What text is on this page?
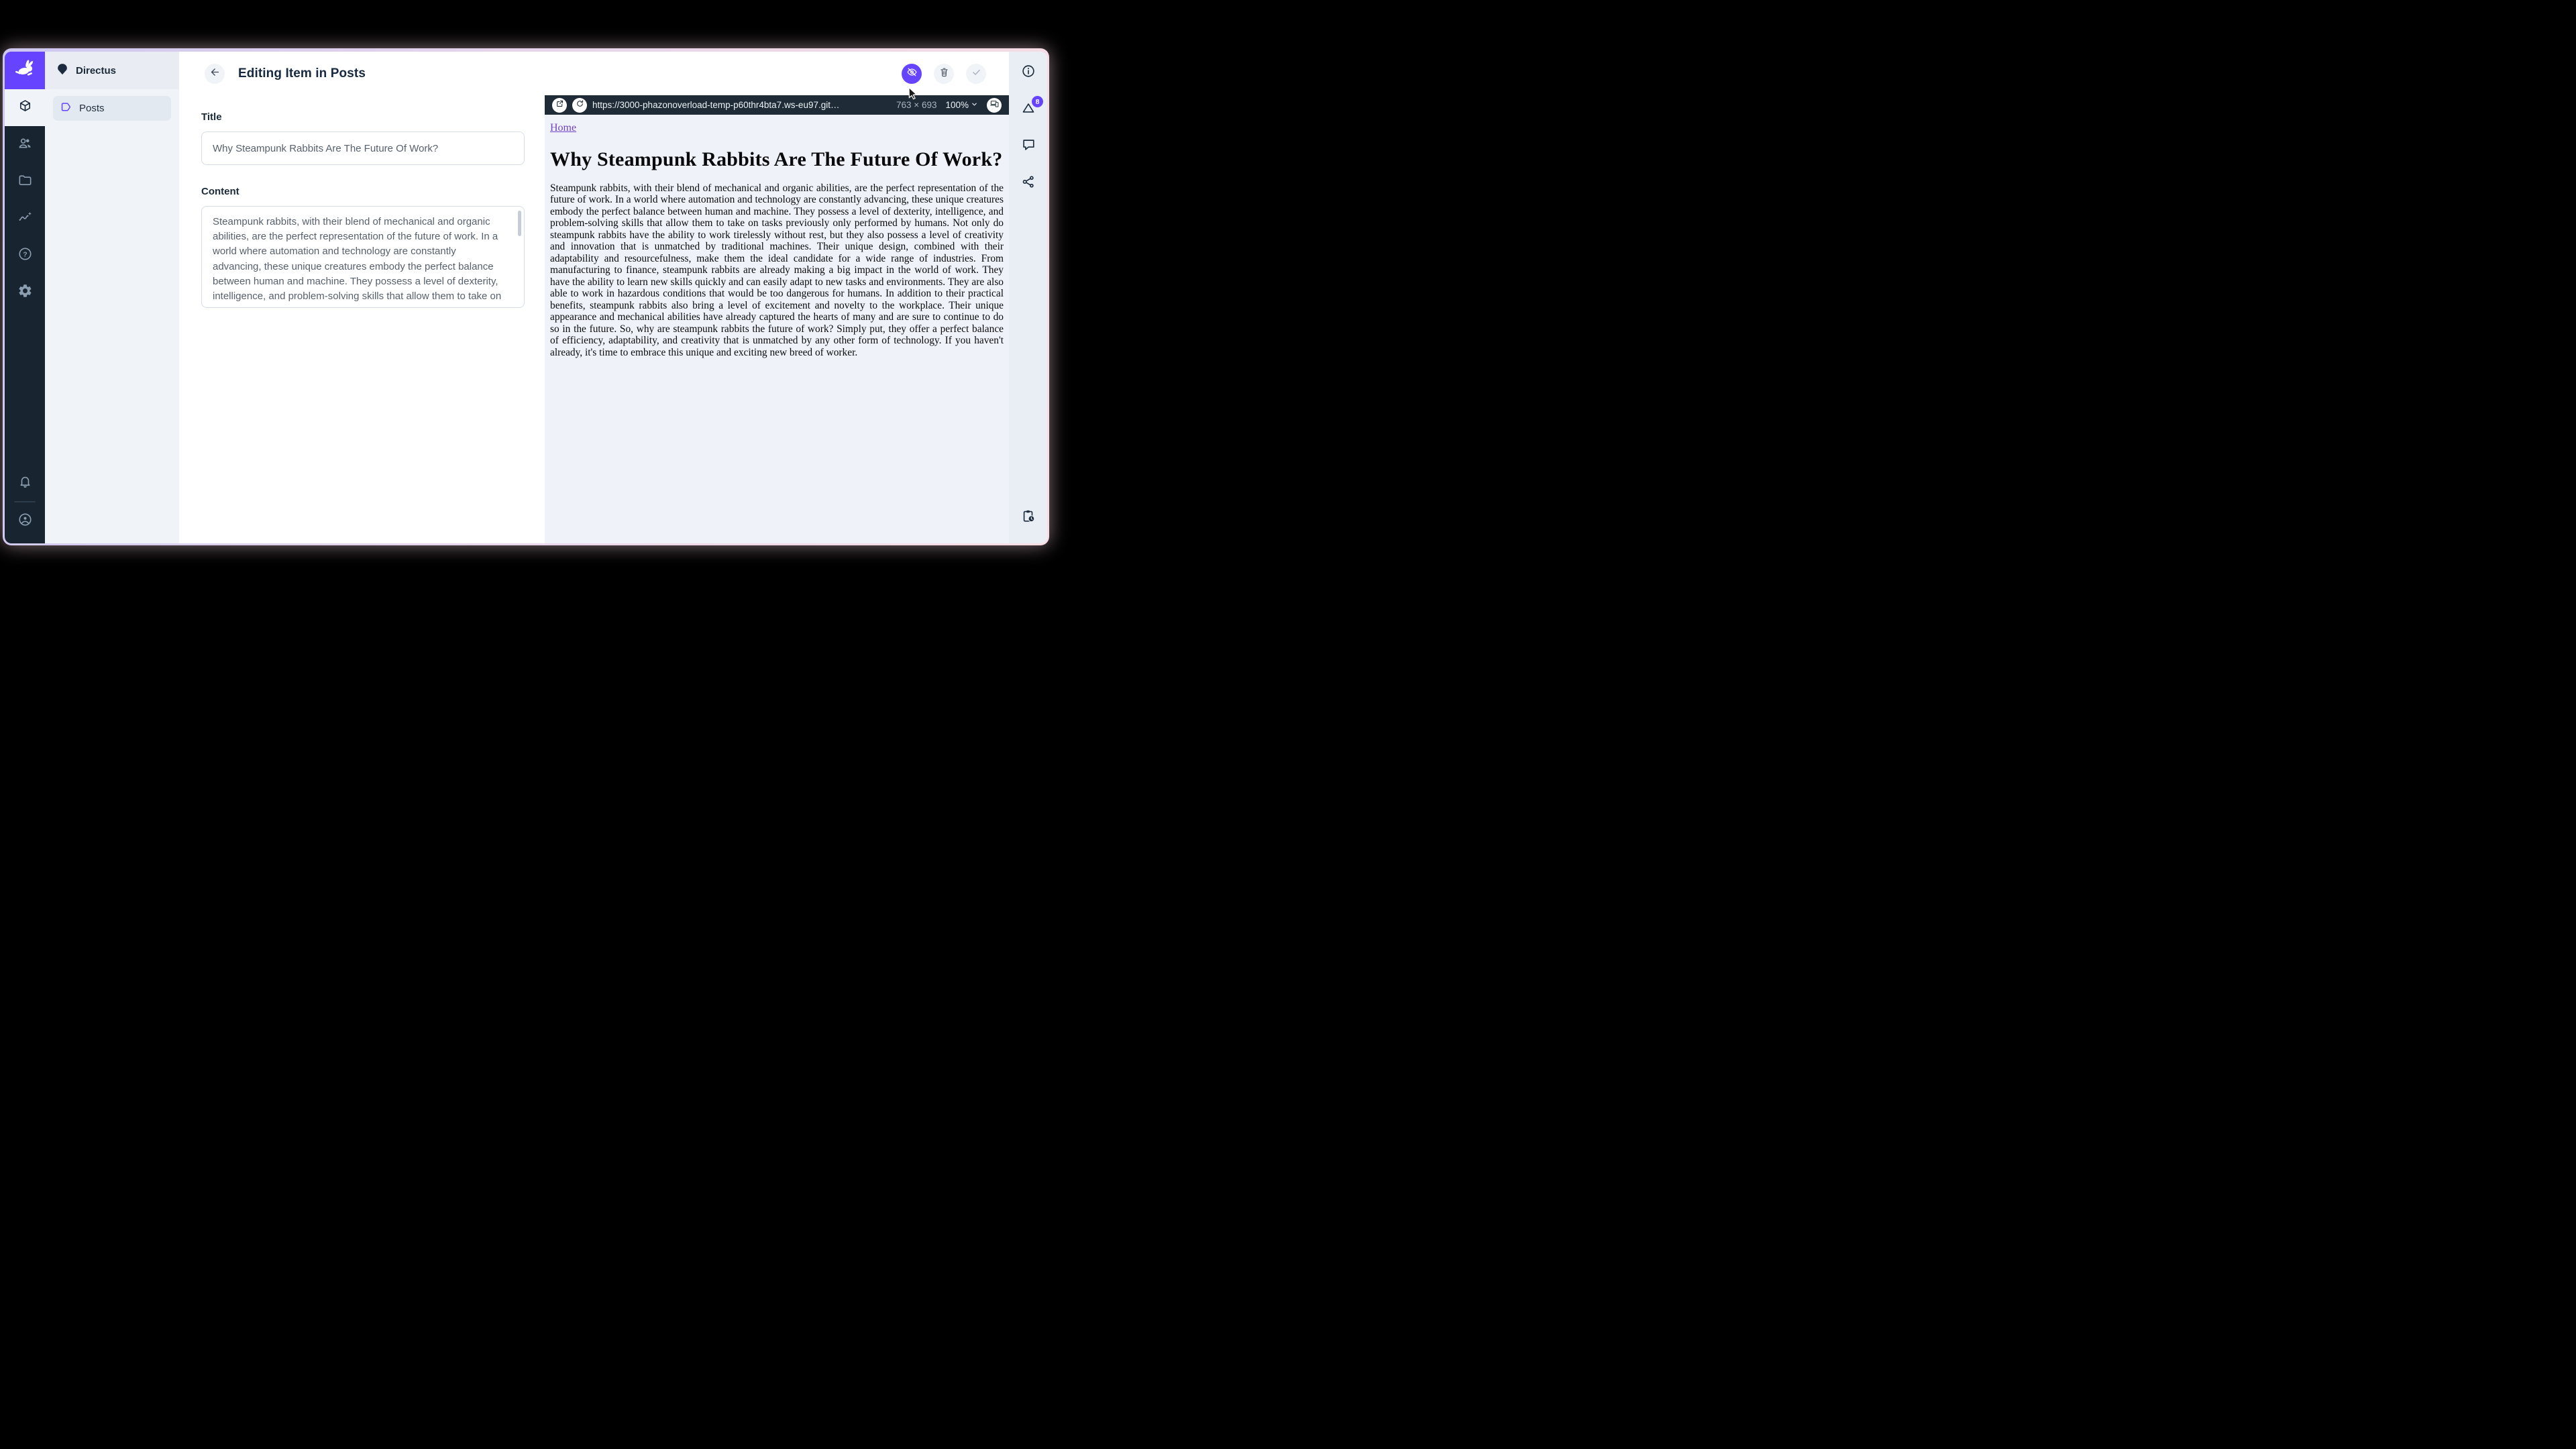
?
Directus
Posts
Editing Item in Posts
Title
Why Steampunk Rabbits Are The Future Of Work?
Content
Steampunk rabbits, with their blend of mechanical and organic abilities, are the perfect representation of the future of work. In a world where automation and technology are constantly advancing, these unique creatures embody the perfect balance between human and machine. They possess a level of dexterity, intelligence, and problem-solving skills that allow them to take on
https://3000-phazonoverload-temp-p60thr4bta7.ws-eu97.git…	763 × 693 100%
Home
Why Steampunk Rabbits Are The Future Of Work?
Steampunk rabbits, with their blend of mechanical and organic abilities, are the perfect representation of the future of work. In a world where automation and technology are constantly advancing, these unique creatures embody the perfect balance between human and machine. They possess a level of dexterity, intelligence, and problem-solving skills that allow them to take on tasks previously only performed by humans. Not only do steampunk rabbits have the ability to work tirelessly without rest, but they also possess a level of creativity and innovation that is unmatched by traditional machines. Their unique design, combined with their adaptability and resourcefulness, make them the ideal candidate for a wide range of industries. From manufacturing to finance, steampunk rabbits are already making a big impact in the world of work. They have the ability to learn new skills quickly and can easily adapt to new tasks and environments. They are also able to work in hazardous conditions that would be too dangerous for humans. In addition to their practical benefits, steampunk rabbits also bring a level of excitement and novelty to the workplace. Their unique appearance and mechanical abilities have already captured the hearts of many and are sure to continue to do so in the future. So, why are steampunk rabbits the future of work? Simply put, they offer a perfect balance of efficiency, adaptability, and creativity that is unmatched by any other form of technology. If you haven't already, it's time to embrace this unique and exciting new breed of worker.
8
